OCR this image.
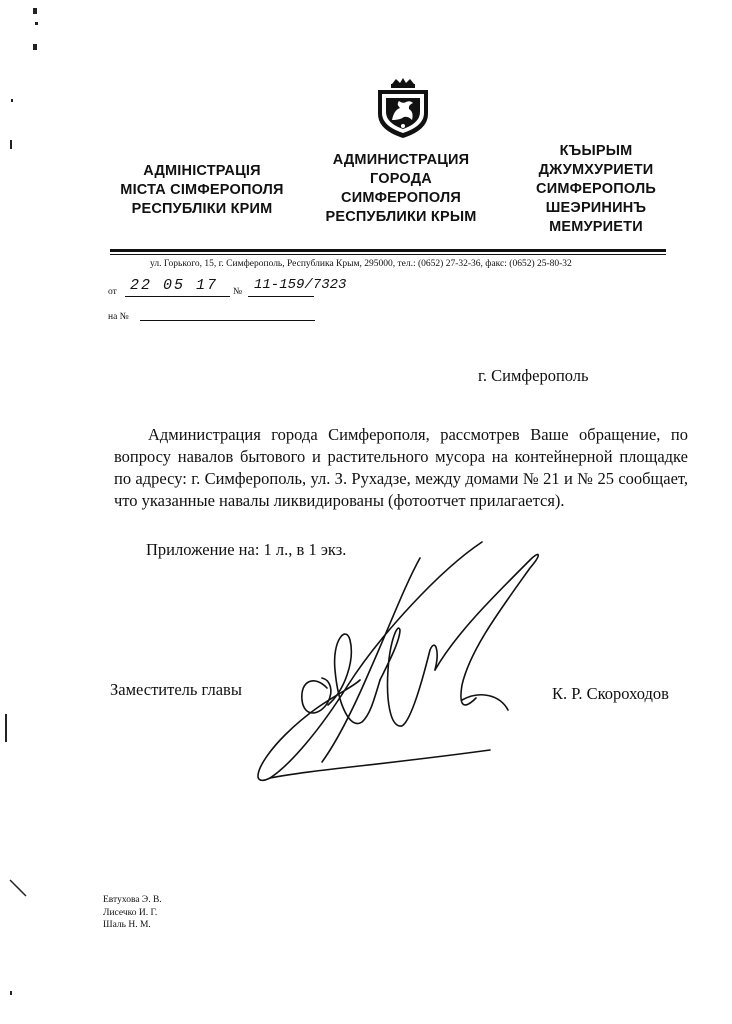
АДМІНІСТРАЦІЯ
МІСТА СІМФЕРОПОЛЯ
РЕСПУБЛІКИ КРИМ
АДМИНИСТРАЦИЯ
ГОРОДА
СИМФЕРОПОЛЯ
РЕСПУБЛИКИ КРЫМ
КЪЫРЫМ
ДЖУМХУРИЕТИ
СИМФЕРОПОЛЬ
ШЕЭРИНИНЪ
МЕМУРИЕТИ
ул. Горького, 15, г. Симферополь, Республика Крым, 295000, тел.: (0652) 27-32-36, факс: (0652) 25-80-32
от 22 05 17 № 11-159/7323
на №
г. Симферополь
Администрация города Симферополя, рассмотрев Ваше обращение, по вопросу навалов бытового и растительного мусора на контейнерной площадке по адресу: г. Симферополь, ул. З. Рухадзе, между домами № 21 и № 25 сообщает, что указанные навалы ликвидированы (фотоотчет прилагается).
Приложение на: 1 л., в 1 экз.
Заместитель главы	К. Р. Скороходов
Евтухова Э. В.
Лисечко И. Г.
Шаль Н. М.
